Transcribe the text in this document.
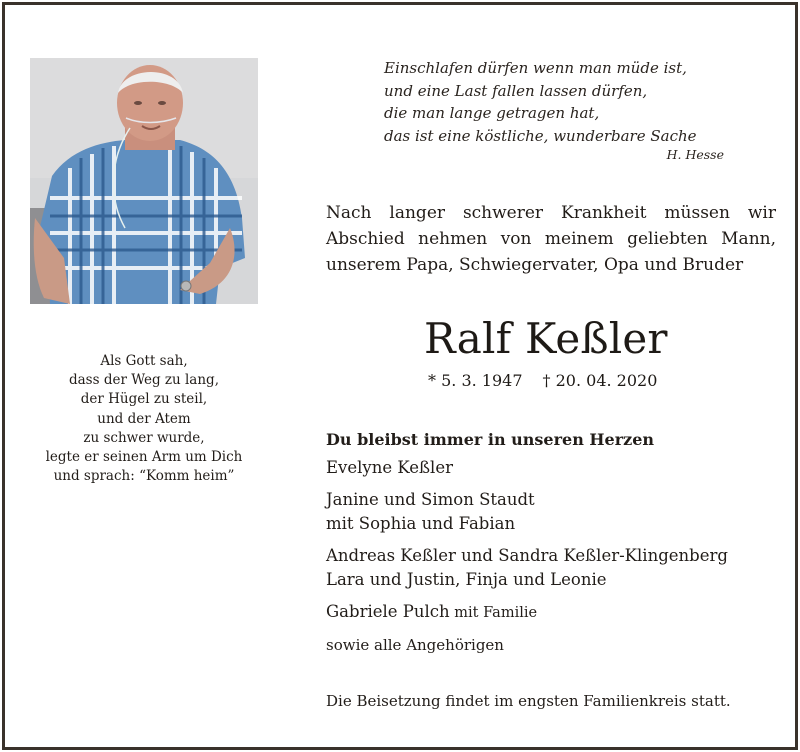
Einschlafen dürfen wenn man müde ist,
und eine Last fallen lassen dürfen,
die man lange getragen hat,
das ist eine köstliche, wunderbare Sache
H. Hesse
Nach langer schwerer Krankheit müssen wir
Abschied nehmen von meinem geliebten Mann,
unserem Papa, Schwiegervater, Opa und Bruder
Ralf Keßler
* 5. 3. 1947 † 20. 04. 2020
Als Gott sah,
dass der Weg zu lang,
der Hügel zu steil,
und der Atem
zu schwer wurde,
legte er seinen Arm um Dich
und sprach: “Komm heim”
Du bleibst immer in unseren Herzen
Evelyne Keßler
Janine und Simon Staudt
mit Sophia und Fabian
Andreas Keßler und Sandra Keßler-Klingenberg
Lara und Justin, Finja und Leonie
Gabriele Pulch mit Familie
sowie alle Angehörigen
Die Beisetzung findet im engsten Familienkreis statt.
